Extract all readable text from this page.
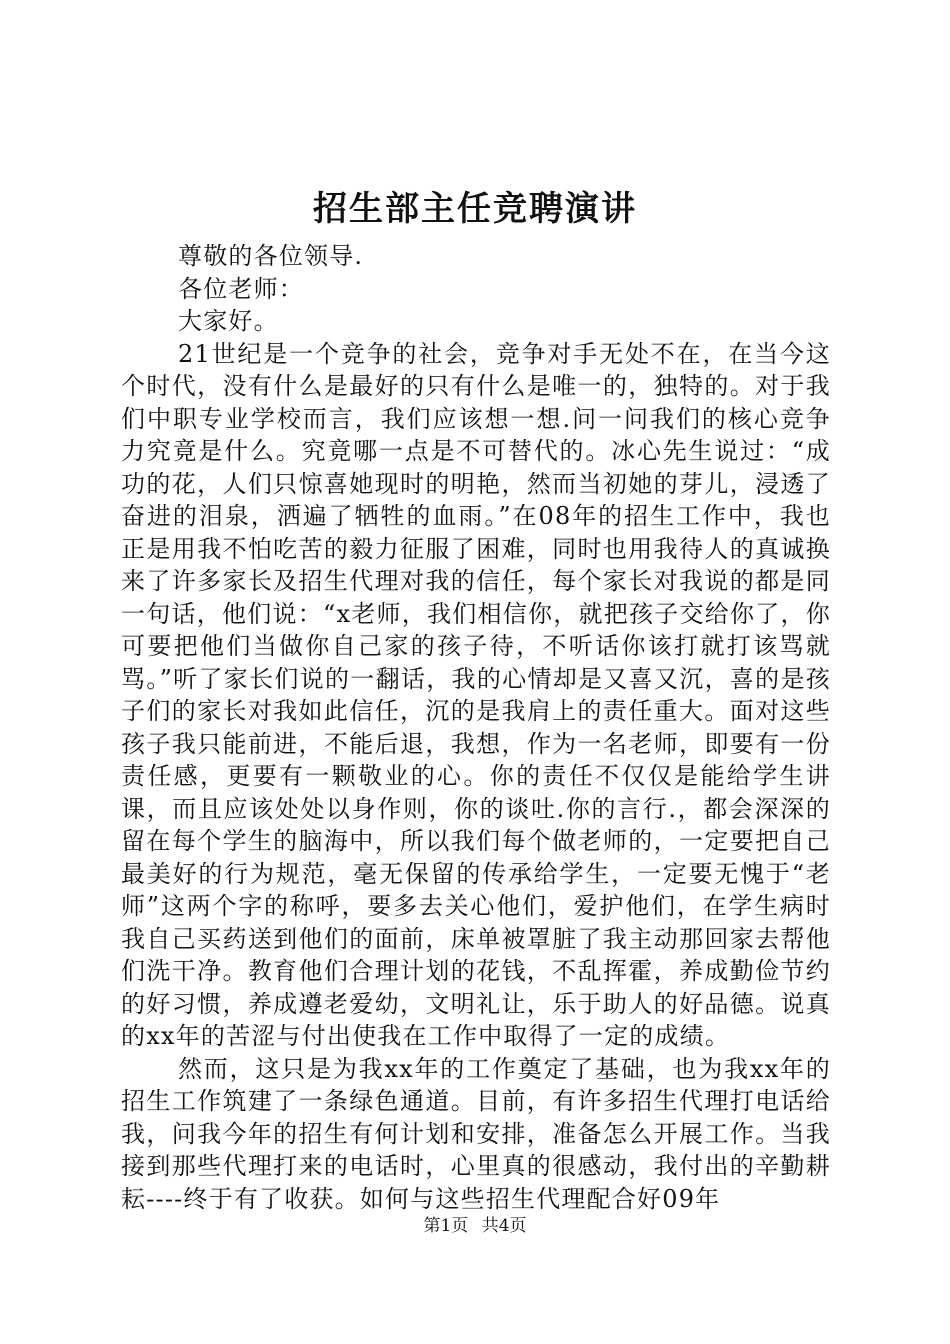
招生部主任竞聘演讲

尊敬的各位领导.

各位老师：

大家好。

21世纪是一个竞争的社会，竞争对手无处不在，在当今这个时代，没有什么是最好的只有什么是唯一的，独特的。对于我们中职专业学校而言，我们应该想一想.问一问我们的核心竞争力究竟是什么。究竟哪一点是不可替代的。冰心先生说过：“成功的花，人们只惊喜她现时的明艳，然而当初她的芽儿，浸透了奋进的泪泉，洒遍了牺牲的血雨。”在08年的招生工作中，我也正是用我不怕吃苦的毅力征服了困难，同时也用我待人的真诚换来了许多家长及招生代理对我的信任，每个家长对我说的都是同一句话，他们说：“x老师，我们相信你，就把孩子交给你了，你可要把他们当做你自己家的孩子待，不听话你该打就打该骂就骂。”听了家长们说的一翻话，我的心情却是又喜又沉，喜的是孩子们的家长对我如此信任，沉的是我肩上的责任重大。面对这些孩子我只能前进，不能后退，我想，作为一名老师，即要有一份责任感，更要有一颗敬业的心。你的责任不仅仅是能给学生讲课，而且应该处处以身作则，你的谈吐.你的言行.，都会深深的留在每个学生的脑海中，所以我们每个做老师的，一定要把自己最美好的行为规范，毫无保留的传承给学生，一定要无愧于“老师”这两个字的称呼，要多去关心他们，爱护他们，在学生病时我自己买药送到他们的面前，床单被罩脏了我主动那回家去帮他们洗干净。教育他们合理计划的花钱，不乱挥霍，养成勤俭节约的好习惯，养成遵老爱幼，文明礼让，乐于助人的好品德。说真的xx年的苦涩与付出使我在工作中取得了一定的成绩。

然而，这只是为我xx年的工作奠定了基础，也为我xx年的招生工作筑建了一条绿色通道。目前，有许多招生代理打电话给我，问我今年的招生有何计划和安排，准备怎么开展工作。当我接到那些代理打来的电话时，心里真的很感动，我付出的辛勤耕耘----终于有了收获。如何与这些招生代理配合好09年

第1页 共4页
